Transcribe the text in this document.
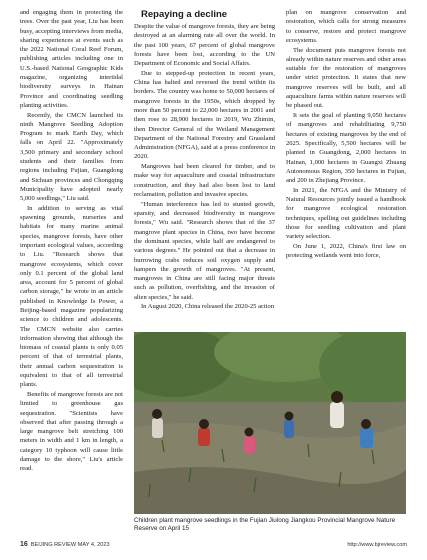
and engaging them in protecting the trees. Over the past year, Liu has been busy, accepting interviews from media, sharing experiences at events such as the 2022 National Coral Reef Forum, publishing articles including one in U.S.-based National Geographic Kids magazine, organizing intertidal biodiversity surveys in Hainan Province and coordinating seedling planting activities.

Recently, the CMCN launched its ninth Mangrove Seedling Adoption Program to mark Earth Day, which falls on April 22. "Approximately 3,500 primary and secondary school students and their families from regions including Fujian, Guangdong and Sichuan provinces and Chongqing Municipality have adopted nearly 5,000 seedlings," Liu said.

In addition to serving as vital spawning grounds, nurseries and habitats for many marine animal species, mangrove forests, have other important ecological values, according to Liu. "Research shows that mangrove ecosystems, which cover only 0.1 percent of the global land area, account for 5 percent of global carbon storage," he wrote in an article published in Knowledge Is Power, a Beijing-based magazine popularizing science to children and adolescents. The CMCN website also carries information showing that although the biomass of coastal plants is only 0.05 percent of that of terrestrial plants, their annual carbon sequestration is equivalent to that of all terrestrial plants.

Benefits of mangrove forests are not limited to greenhouse gas sequestration. "Scientists have observed that after passing through a large mangrove belt stretching 100 meters in width and 1 km in length, a category 10 typhoon will cause little damage to the shore," Liu's article read.

Repaying a decline

Despite the value of mangrove forests, they are being destroyed at an alarming rate all over the world. In the past 100 years, 67 percent of global mangrove forests have been lost, according to the UN Department of Economic and Social Affairs.

Due to stepped-up protection in recent years, China has halted and reversed the trend within its borders. The country was home to 50,000 hectares of mangrove forests in the 1950s, which dropped by more than 50 percent to 22,000 hectares in 2001 and then rose to 28,900 hectares in 2019, Wu Zhimin, then Director General of the Wetland Management Department of the National Forestry and Grassland Administration (NFGA), said at a press conference in 2020.

Mangroves had been cleared for timber, and to make way for aquaculture and coastal infrastructure construction, and they had also been lost to land reclamation, pollution and invasive species.

"Human interference has led to stunted growth, sparsity, and decreased biodiversity in mangrove forests," Wu said. "Research shows that of the 37 mangrove plant species in China, two have become the dominant species, while half are endangered to various degrees." He pointed out that a decrease in burrowing crabs reduces soil oxygen supply and hampers the growth of mangroves. "At present, mangroves in China are still facing major threats such as pollution, overfishing, and the invasion of alien species," he said.

In August 2020, China released the 2020-25 action

plan on mangrove conservation and restoration, which calls for strong measures to conserve, restore and protect mangrove ecosystems.

The document puts mangrove forests not already within nature reserves and other areas suitable for the restoration of mangroves under strict protection. It states that new mangrove reserves will be built, and all aquaculture farms within nature reserves will be phased out.

It sets the goal of planting 9,050 hectares of mangroves and rehabilitating 9,750 hectares of existing mangroves by the end of 2025. Specifically, 5,500 hectares will be planted in Guangdong, 2,000 hectares in Hainan, 1,000 hectares in Guangxi Zhuang Autonomous Region, 350 hectares in Fujian, and 200 in Zhejiang Province.

In 2021, the NFGA and the Ministry of Natural Resources jointly issued a handbook for mangrove ecological restoration techniques, spelling out guidelines including those for seedling cultivation and plant variety selection.

On June 1, 2022, China's first law on protecting wetlands went into force,

Children plant mangrove seedlings in the Fujian Jiulong Jiangkou Provincial Mangrove Nature Reserve on April 15
16 BEIJING REVIEW MAY 4, 2023	http://www.bjreview.com
